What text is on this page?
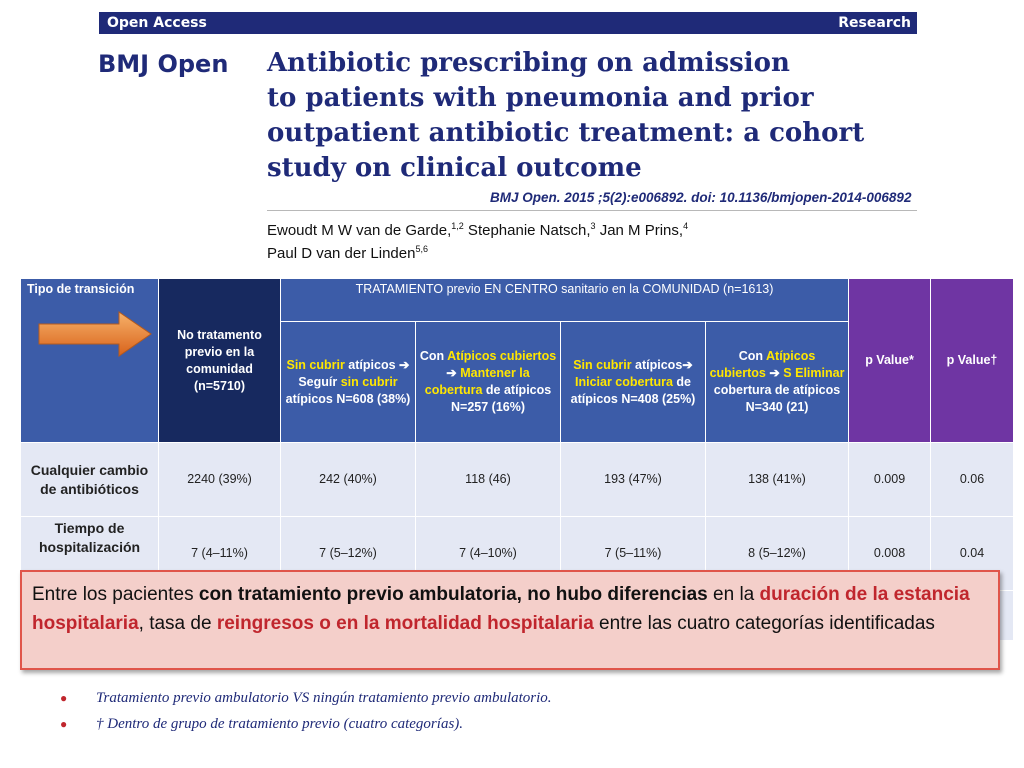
Open Access	Research
BMJ Open Antibiotic prescribing on admission
to patients with pneumonia and prior
outpatient antibiotic treatment: a cohort
study on clinical outcome
BMJ Open. 2015 ;5(2):e006892. doi: 10.1136/bmjopen-2014-006892
Ewoudt M W van de Garde,$^{1,2}$ Stephanie Natsch,$^3$ Jan M Prins,$^4$
Paul D van der Linden$^{5,6}$
Tipo de transición	No tratamento previo en la comunidad (n=5710)	TRATAMIENTO previo EN CENTRO sanitario en la COMUNIDAD (n=1613)				p Value*	p Value†
		Sin cubrir atípicos ➔ Seguír sin cubrir atípicos N=608 (38%)	Con Atípicos cubiertos ➔ Mantener la cobertura de atípicos N=257 (16%)	Sin cubrir atípicos➔ Iniciar cobertura de atípicos N=408 (25%)	Con Atípicos cubiertos ➔ S Eliminar cobertura de atípicos N=340 (21)		
Cualquier cambio de antibióticos	2240 (39%)	242 (40%)	118 (46)	193 (47%)	138 (41%)	0.009	0.06
Tiempo de hospitalización	7 (4–11%)	7 (5–12%)	7 (4–10%)	7 (5–11%)	8 (5–12%)	0.008	0.04

Entre los pacientes con tratamiento previo ambulatoria, no hubo diferencias en la duración de la estancia hospitalaria, tasa de reingresos o en la mortalidad hospitalaria entre las cuatro categorías identificadas
● Tratamiento previo ambulatorio VS ningún tratamiento previo ambulatorio.
● † Dentro de grupo de tratamiento previo (cuatro categorías).
